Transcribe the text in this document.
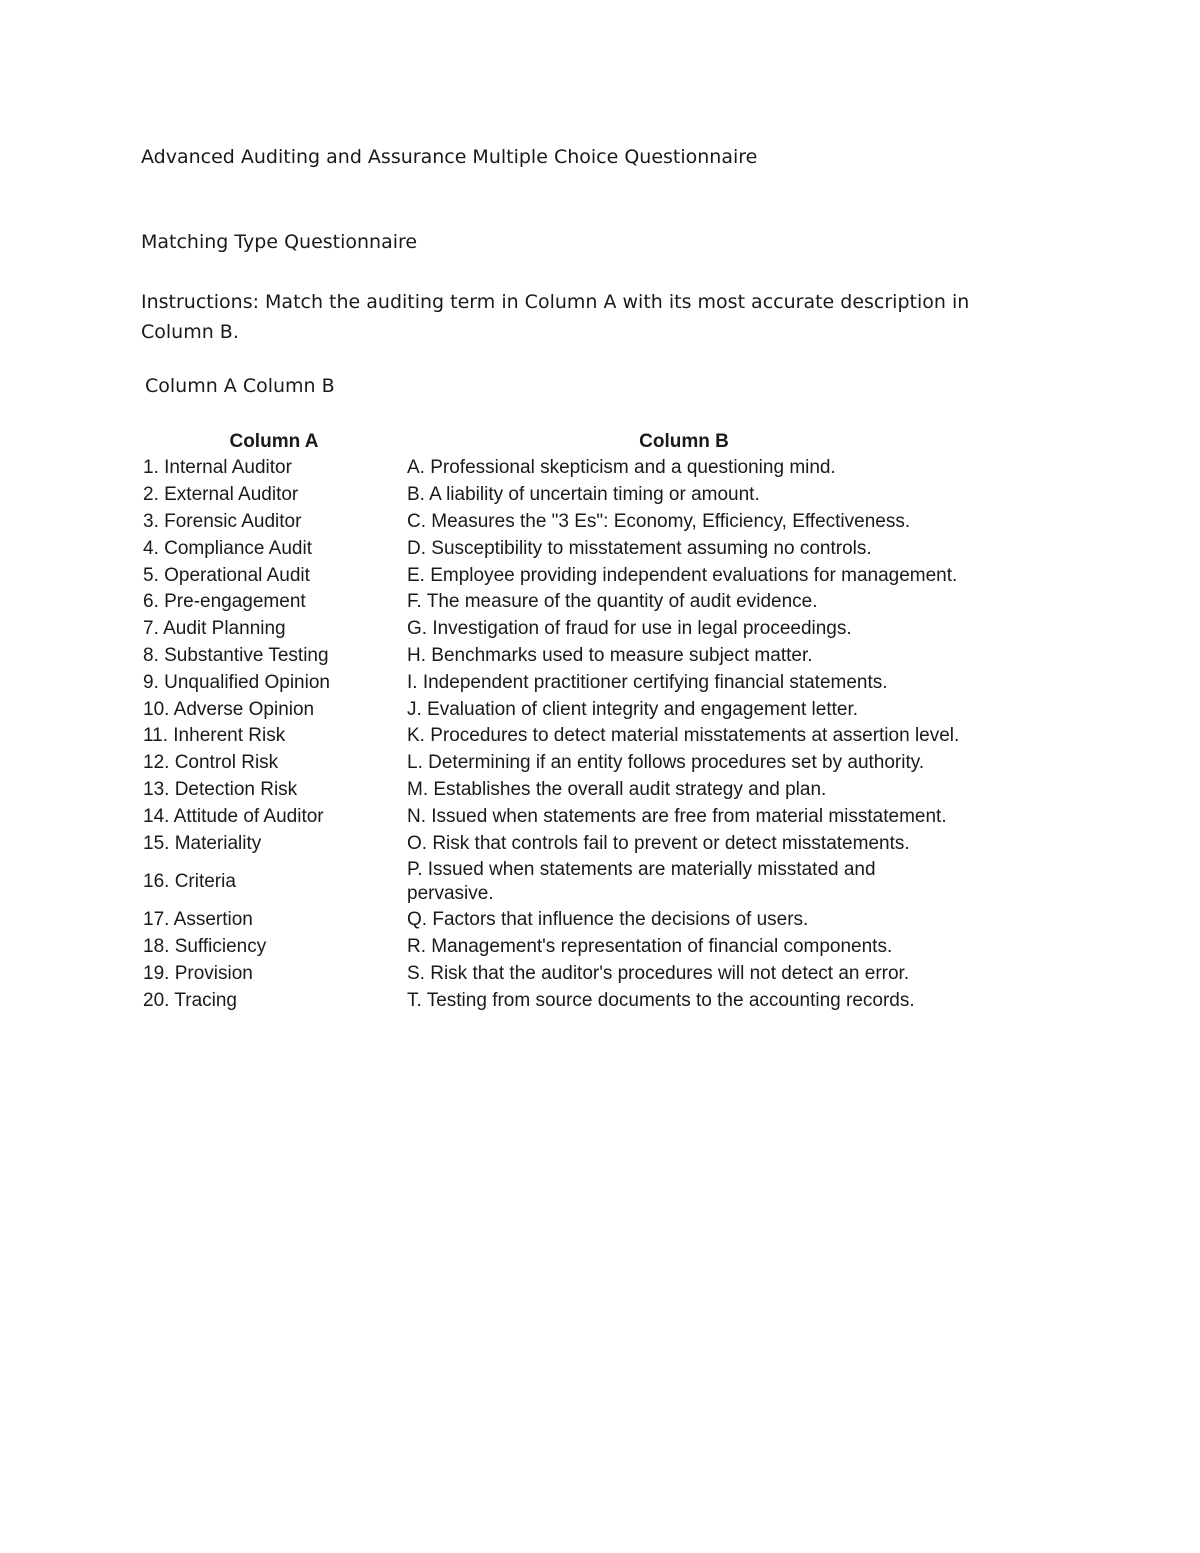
Advanced Auditing and Assurance Multiple Choice Questionnaire
Matching Type Questionnaire

Instructions: Match the auditing term in Column A with its most accurate description in Column B.

Column A Column B

Column A	Column B
1. Internal Auditor	A. Professional skepticism and a questioning mind.
2. External Auditor	B. A liability of uncertain timing or amount.
3. Forensic Auditor	C. Measures the "3 Es": Economy, Efficiency, Effectiveness.
4. Compliance Audit	D. Susceptibility to misstatement assuming no controls.
5. Operational Audit	E. Employee providing independent evaluations for management.
6. Pre-engagement	F. The measure of the quantity of audit evidence.
7. Audit Planning	G. Investigation of fraud for use in legal proceedings.
8. Substantive Testing	H. Benchmarks used to measure subject matter.
9. Unqualified Opinion	I. Independent practitioner certifying financial statements.
10. Adverse Opinion	J. Evaluation of client integrity and engagement letter.
11. Inherent Risk	K. Procedures to detect material misstatements at assertion level.
12. Control Risk	L. Determining if an entity follows procedures set by authority.
13. Detection Risk	M. Establishes the overall audit strategy and plan.
14. Attitude of Auditor	N. Issued when statements are free from material misstatement.
15. Materiality	O. Risk that controls fail to prevent or detect misstatements.
16. Criteria	P. Issued when statements are materially misstated and pervasive.
17. Assertion	Q. Factors that influence the decisions of users.
18. Sufficiency	R. Management's representation of financial components.
19. Provision	S. Risk that the auditor's procedures will not detect an error.
20. Tracing	T. Testing from source documents to the accounting records.
